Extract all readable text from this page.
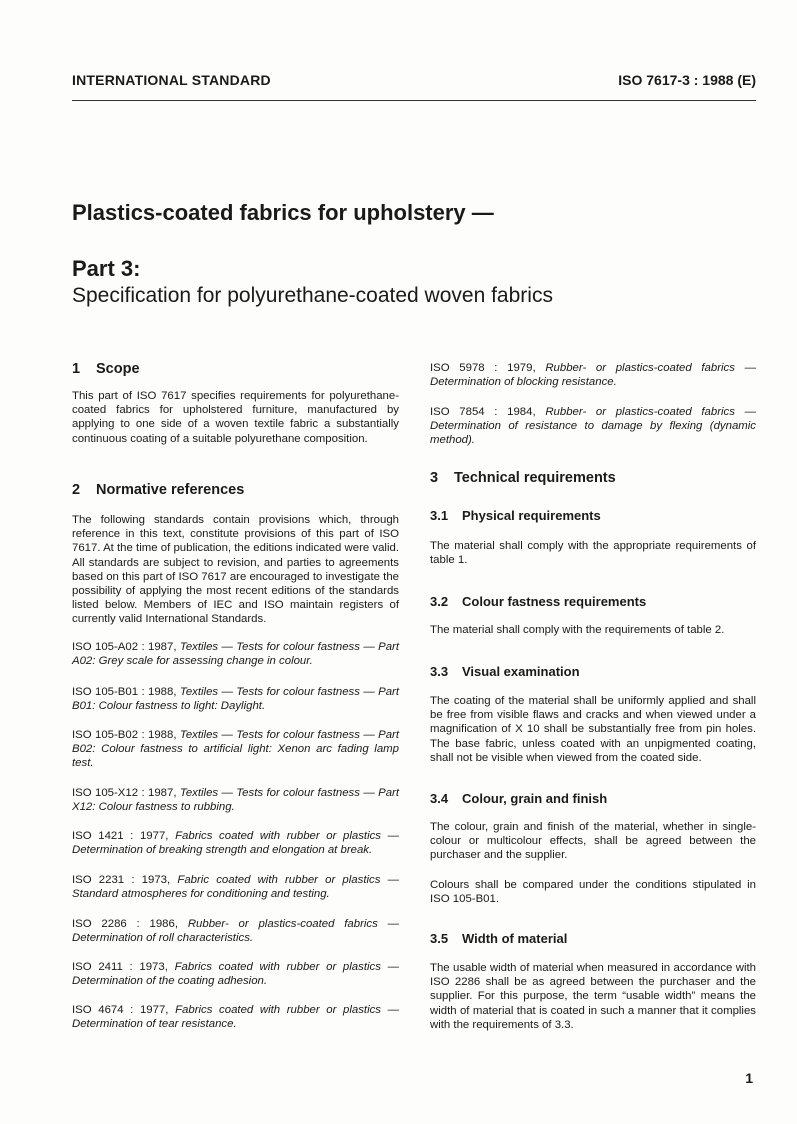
INTERNATIONAL STANDARD	ISO 7617-3 : 1988 (E)
Plastics-coated fabrics for upholstery —
Part 3:
Specification for polyurethane-coated woven fabrics

1 Scope

This part of ISO 7617 specifies requirements for polyurethane-coated fabrics for upholstered furniture, manufactured by applying to one side of a woven textile fabric a substantially continuous coating of a suitable polyurethane composition.

2 Normative references

The following standards contain provisions which, through reference in this text, constitute provisions of this part of ISO 7617. At the time of publication, the editions indicated were valid. All standards are subject to revision, and parties to agreements based on this part of ISO 7617 are encouraged to investigate the possibility of applying the most recent editions of the standards listed below. Members of IEC and ISO maintain registers of currently valid International Standards.

ISO 105-A02 : 1987, Textiles — Tests for colour fastness — Part A02: Grey scale for assessing change in colour.

ISO 105-B01 : 1988, Textiles — Tests for colour fastness — Part B01: Colour fastness to light: Daylight.

ISO 105-B02 : 1988, Textiles — Tests for colour fastness — Part B02: Colour fastness to artificial light: Xenon arc fading lamp test.

ISO 105-X12 : 1987, Textiles — Tests for colour fastness — Part X12: Colour fastness to rubbing.

ISO 1421 : 1977, Fabrics coated with rubber or plastics — Determination of breaking strength and elongation at break.

ISO 2231 : 1973, Fabric coated with rubber or plastics — Standard atmospheres for conditioning and testing.

ISO 2286 : 1986, Rubber- or plastics-coated fabrics — Determination of roll characteristics.

ISO 2411 : 1973, Fabrics coated with rubber or plastics — Determination of the coating adhesion.

ISO 4674 : 1977, Fabrics coated with rubber or plastics — Determination of tear resistance.

ISO 5978 : 1979, Rubber- or plastics-coated fabrics — Determination of blocking resistance.

ISO 7854 : 1984, Rubber- or plastics-coated fabrics — Determination of resistance to damage by flexing (dynamic method).

3 Technical requirements

3.1 Physical requirements

The material shall comply with the appropriate requirements of table 1.

3.2 Colour fastness requirements

The material shall comply with the requirements of table 2.

3.3 Visual examination

The coating of the material shall be uniformly applied and shall be free from visible flaws and cracks and when viewed under a magnification of X 10 shall be substantially free from pin holes. The base fabric, unless coated with an unpigmented coating, shall not be visible when viewed from the coated side.

3.4 Colour, grain and finish

The colour, grain and finish of the material, whether in single-colour or multicolour effects, shall be agreed between the purchaser and the supplier.

Colours shall be compared under the conditions stipulated in ISO 105-B01.

3.5 Width of material

The usable width of material when measured in accordance with ISO 2286 shall be as agreed between the purchaser and the supplier. For this purpose, the term “usable width” means the width of material that is coated in such a manner that it complies with the requirements of 3.3.

1
